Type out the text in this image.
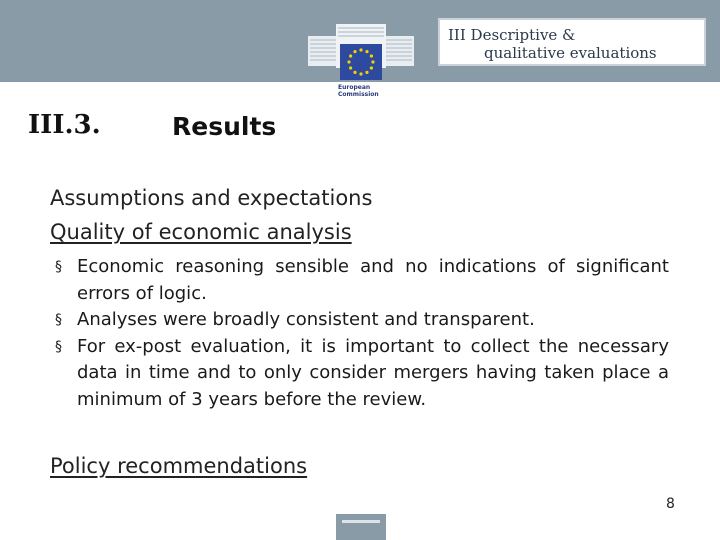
European
Commission
III Descriptive &
qualitative evaluations
III.3.	Results
Assumptions and expectations
Quality of economic analysis
§ Economic reasoning sensible and no indications of significant errors of logic.
§ Analyses were broadly consistent and transparent.
§ For ex-post evaluation, it is important to collect the necessary data in time and to only consider mergers having taken place a minimum of 3 years before the review.
Policy recommendations
8
